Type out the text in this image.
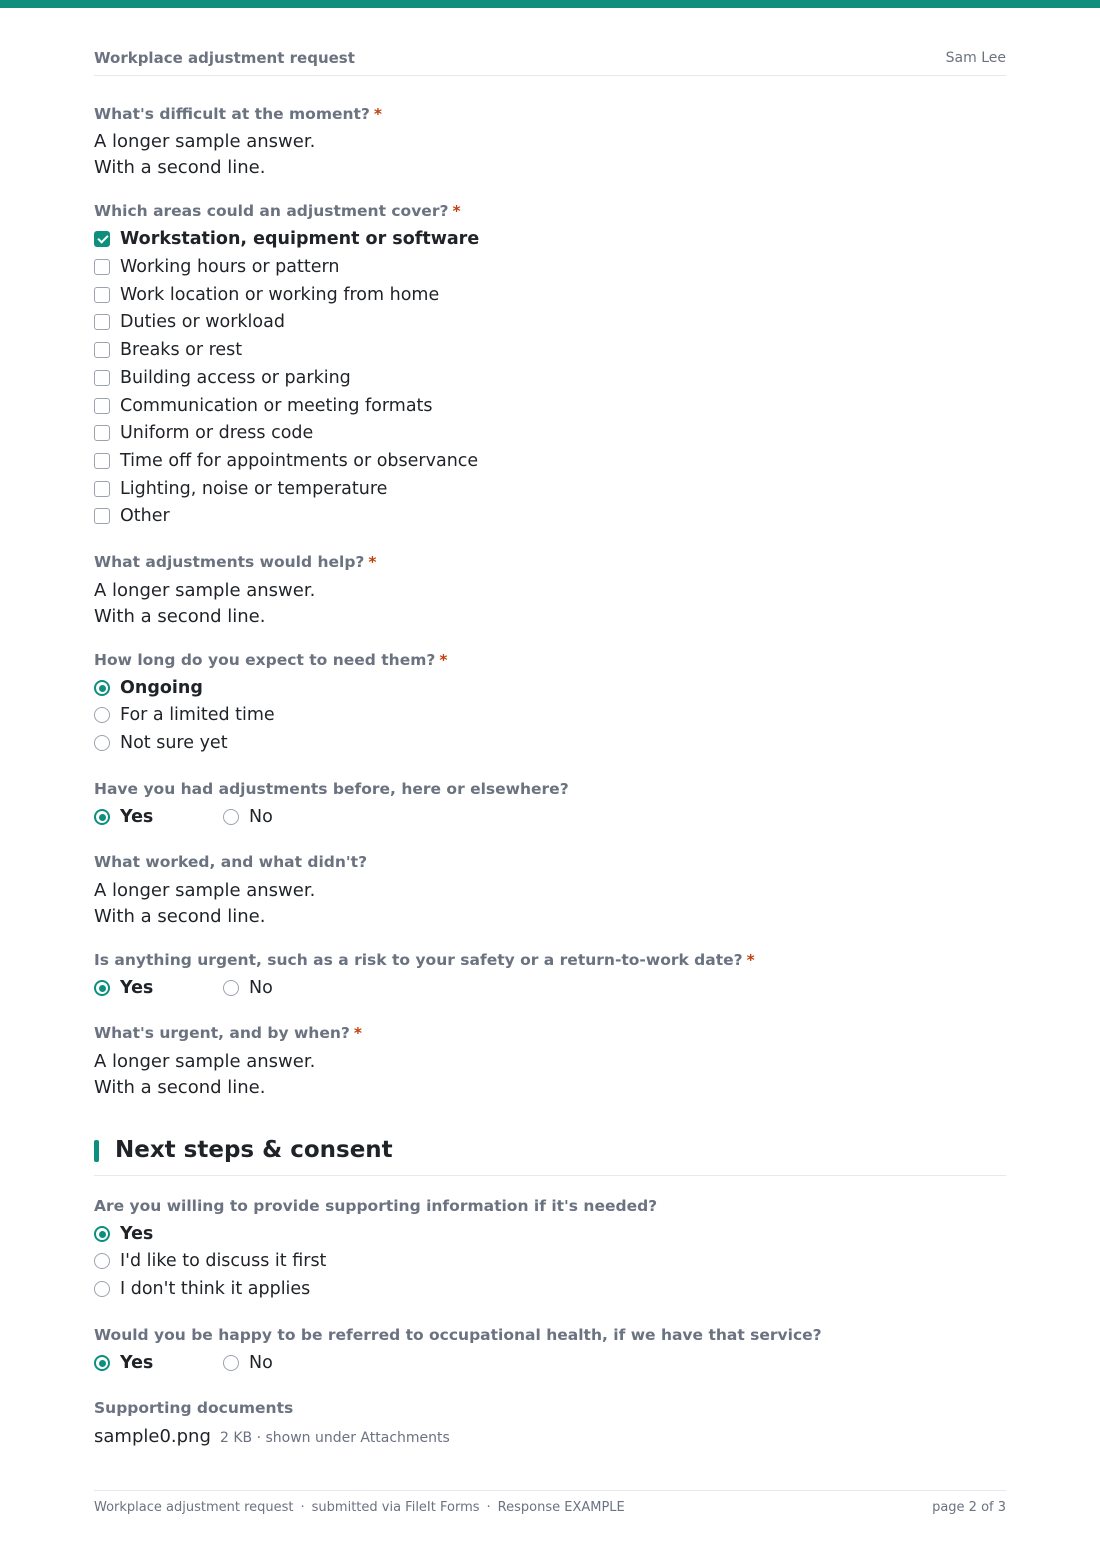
Workplace adjustment request	Sam Lee
What's difficult at the moment? *
A longer sample answer.
With a second line.
Which areas could an adjustment cover? *
Workstation, equipment or software
Working hours or pattern
Work location or working from home
Duties or workload
Breaks or rest
Building access or parking
Communication or meeting formats
Uniform or dress code
Time off for appointments or observance
Lighting, noise or temperature
Other
What adjustments would help? *
A longer sample answer.
With a second line.
How long do you expect to need them? *
Ongoing
For a limited time
Not sure yet
Have you had adjustments before, here or elsewhere?
Yes	No
What worked, and what didn't?
A longer sample answer.
With a second line.
Is anything urgent, such as a risk to your safety or a return-to-work date? *
Yes	No
What's urgent, and by when? *
A longer sample answer.
With a second line.
Next steps & consent
Are you willing to provide supporting information if it's needed?
Yes
I'd like to discuss it first
I don't think it applies
Would you be happy to be referred to occupational health, if we have that service?
Yes	No
Supporting documents
sample0.png 2 KB · shown under Attachments
Workplace adjustment request · submitted via FileIt Forms · Response EXAMPLE	page 2 of 3
